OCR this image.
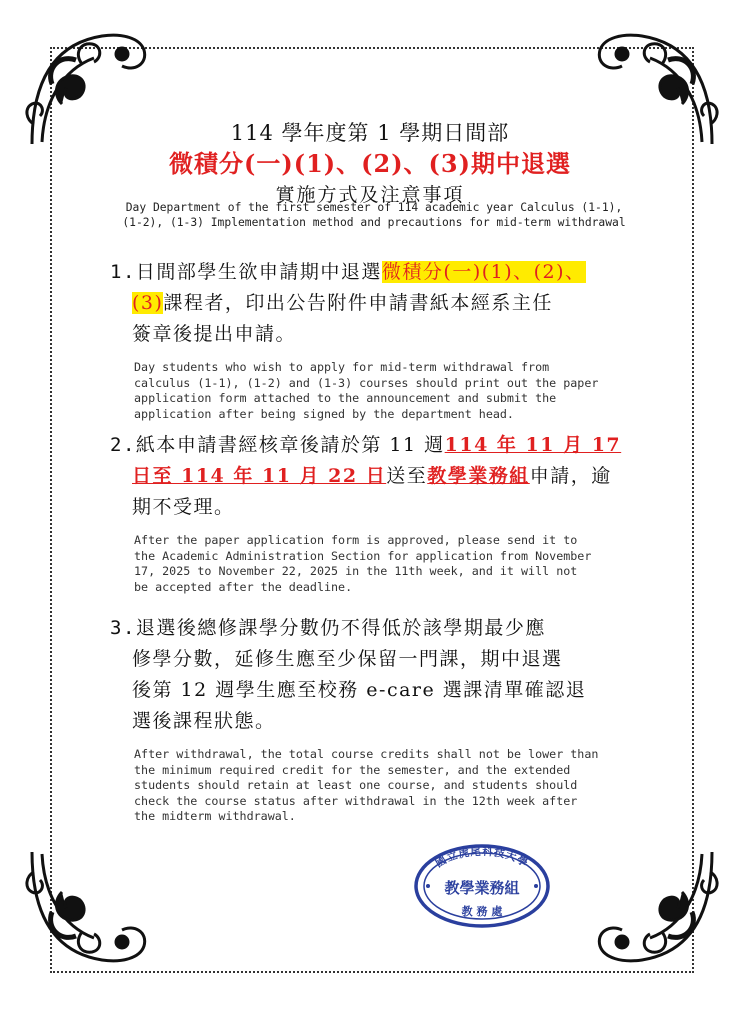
114 學年度第 1 學期日間部
微積分(一)(1)、(2)、(3)期中退選
實施方式及注意事項
Day Department of the first semester of 114 academic year Calculus (1-1),
(1-2), (1-3) Implementation method and precautions for mid-term withdrawal
1.日間部學生欲申請期中退選微積分(一)(1)、(2)、
(3)課程者，印出公告附件申請書紙本經系主任
簽章後提出申請。
Day students who wish to apply for mid-term withdrawal from
calculus (1-1), (1-2) and (1-3) courses should print out the paper
application form attached to the announcement and submit the
application after being signed by the department head.
2.紙本申請書經核章後請於第 11 週114 年 11 月 17
日至 114 年 11 月 22 日送至教學業務組申請，逾
期不受理。
After the paper application form is approved, please send it to
the Academic Administration Section for application from November
17, 2025 to November 22, 2025 in the 11th week, and it will not
be accepted after the deadline.
3.退選後總修課學分數仍不得低於該學期最少應
修學分數，延修生應至少保留一門課，期中退選
後第 12 週學生應至校務 e-care 選課清單確認退
選後課程狀態。
After withdrawal, the total course credits shall not be lower than
the minimum required credit for the semester, and the extended
students should retain at least one course, and students should
check the course status after withdrawal in the 12th week after
the midterm withdrawal.
國立虎尾科技大學
教學業務組
教 務 處
